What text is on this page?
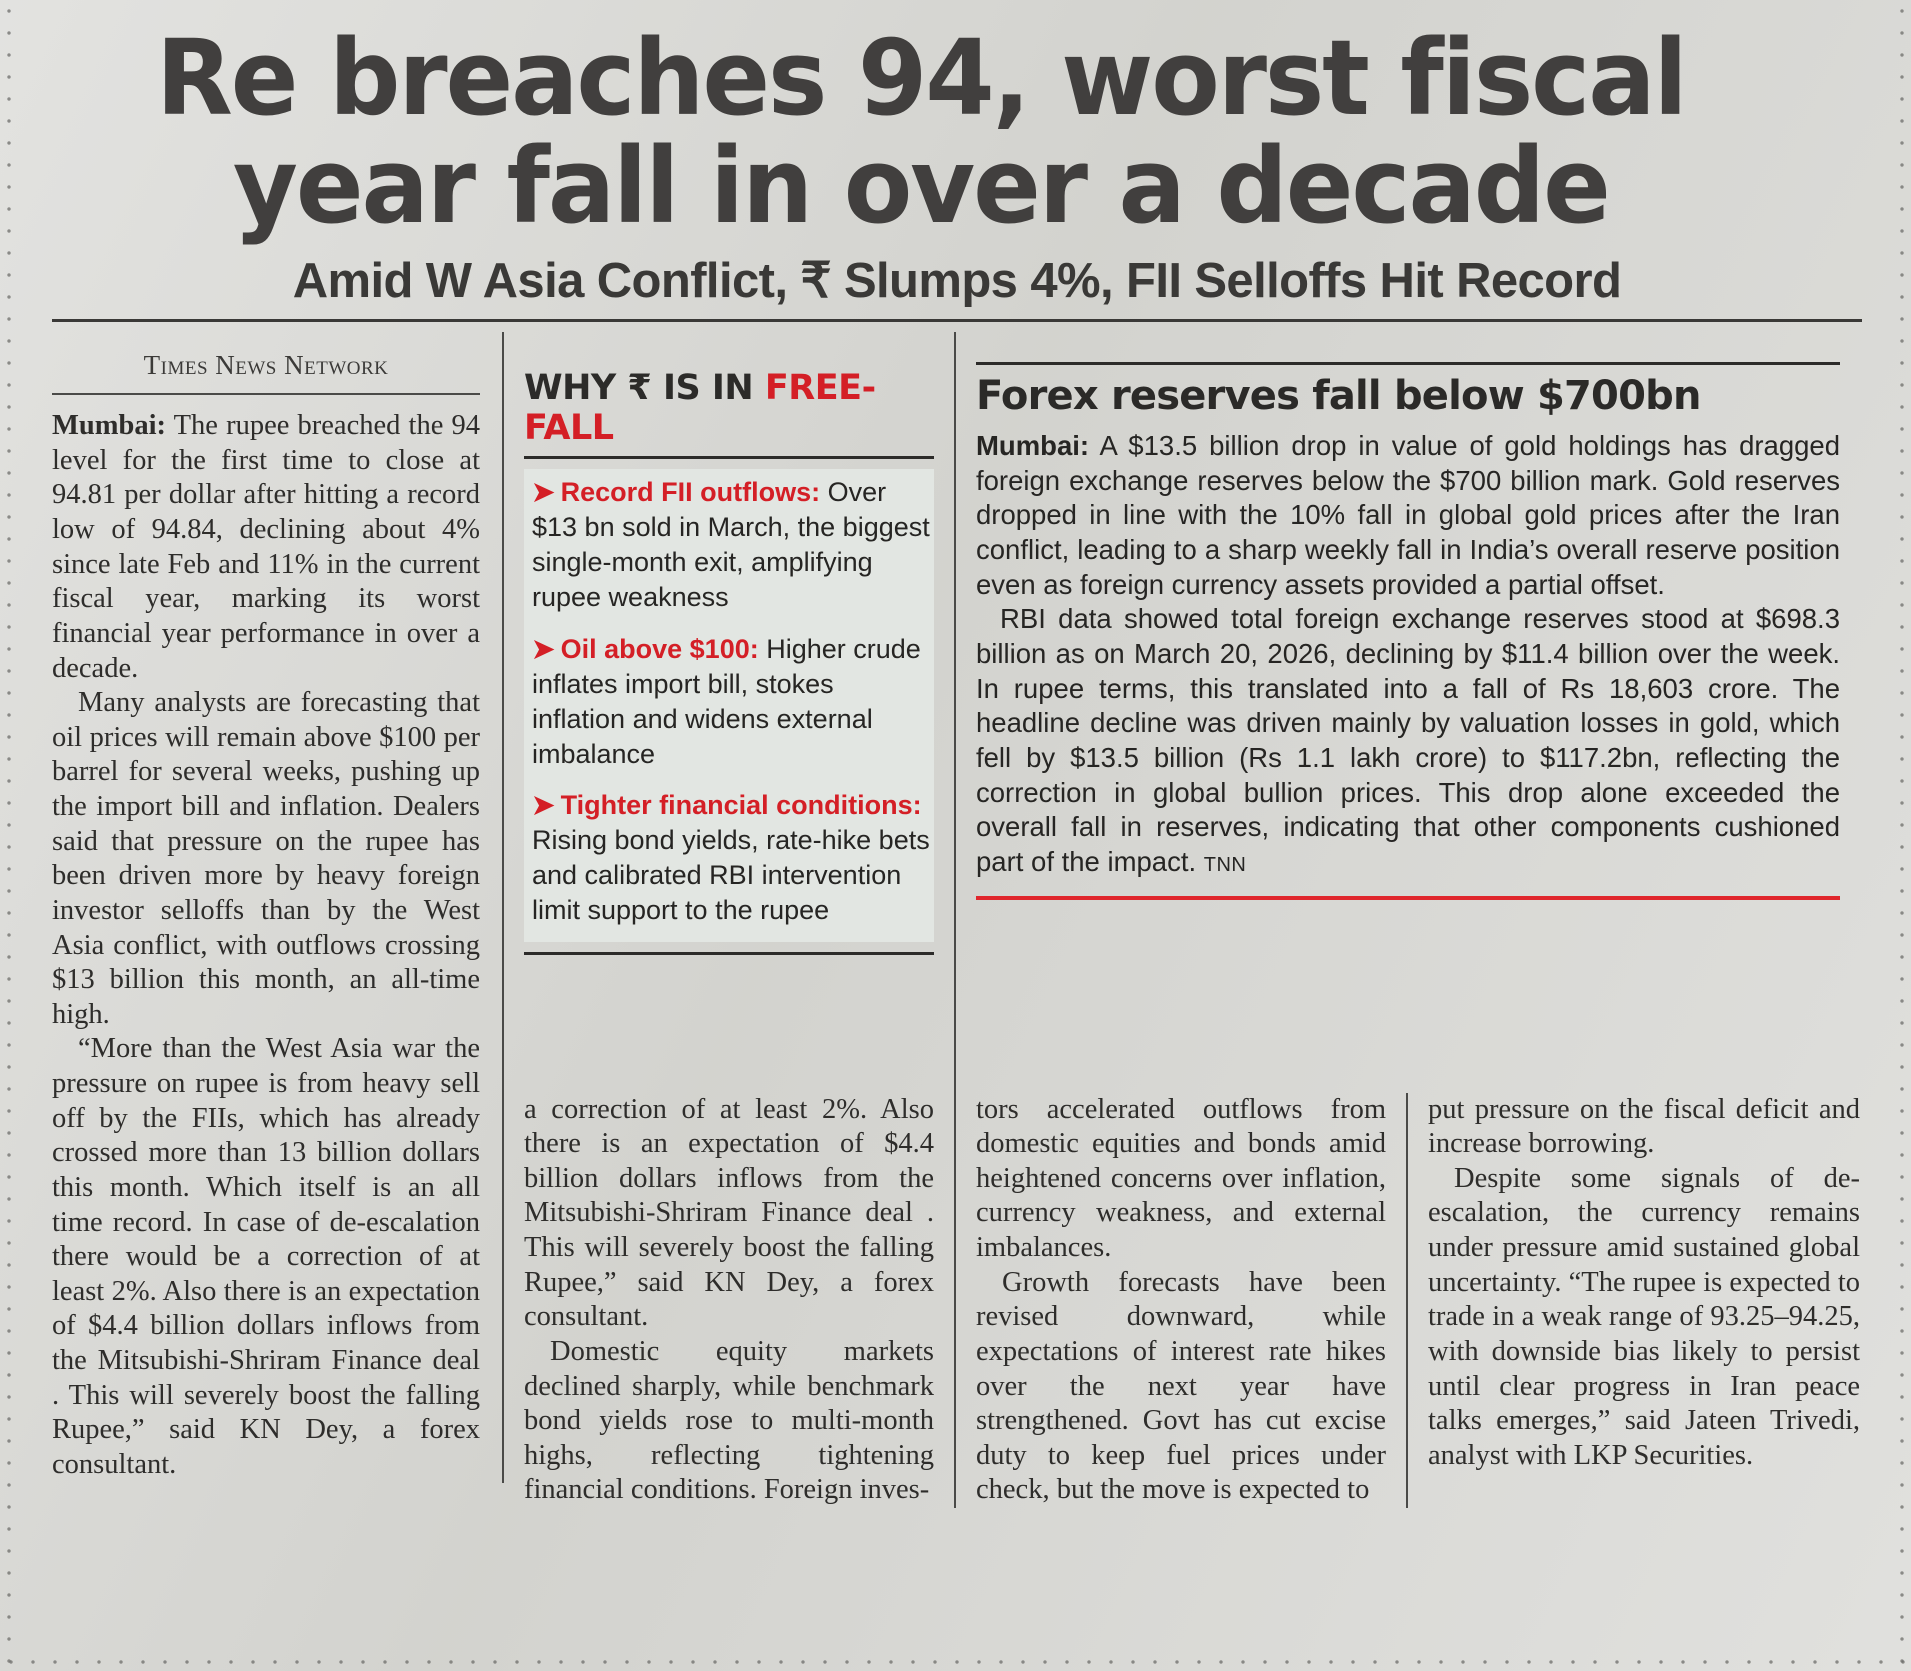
Re breaches 94, worst fiscal year fall in over a decade
Amid W Asia Conflict, ₹ Slumps 4%, FII Selloffs Hit Record
Times News Network

Mumbai: The rupee breached the 94 level for the first time to close at 94.81 per dollar after hitting a record low of 94.84, declining about 4% since late Feb and 11% in the current fiscal year, marking its worst financial year performance in over a decade.

Many analysts are forecasting that oil prices will remain above $100 per barrel for several weeks, pushing up the import bill and inflation. Dealers said that pressure on the rupee has been driven more by heavy foreign investor selloffs than by the West Asia conflict, with outflows crossing $13 billion this month, an all-time high.

“More than the West Asia war the pressure on rupee is from heavy sell off by the FIIs, which has already crossed more than 13 billion dollars this month. Which itself is an all time record. In case of de-escalation there would be a correction of at least 2%. Also there is an expectation of $4.4 billion dollars inflows from the Mitsubishi-Shriram Finance deal . This will severely boost the falling Rupee,” said KN Dey, a forex consultant.

WHY ₹ IS IN FREE-FALL
➤ Record FII outflows: Over $13 bn sold in March, the biggest single-month exit, amplifying rupee weakness
➤ Oil above $100: Higher crude inflates import bill, stokes inflation and widens external imbalance
➤ Tighter financial conditions: Rising bond yields, rate-hike bets and calibrated RBI intervention limit support to the rupee
Forex reserves fall below $700bn

Mumbai: A $13.5 billion drop in value of gold holdings has dragged foreign exchange reserves below the $700 billion mark. Gold reserves dropped in line with the 10% fall in global gold prices after the Iran conflict, leading to a sharp weekly fall in India’s overall reserve position even as foreign currency assets provided a partial offset.

RBI data showed total foreign exchange reserves stood at $698.3 billion as on March 20, 2026, declining by $11.4 billion over the week. In rupee terms, this translated into a fall of Rs 18,603 crore. The headline decline was driven mainly by valuation losses in gold, which fell by $13.5 billion (Rs 1.1 lakh crore) to $117.2bn, reflecting the correction in global bullion prices. This drop alone exceeded the overall fall in reserves, indicating that other components cushioned part of the impact. TNN

a correction of at least 2%. Also there is an expectation of $4.4 billion dollars inflows from the Mitsubishi-Shriram Finance deal . This will severely boost the falling Rupee,” said KN Dey, a forex consultant.

Domestic equity markets declined sharply, while benchmark bond yields rose to multi-month highs, reflecting tightening financial conditions. Foreign inves-

tors accelerated outflows from domestic equities and bonds amid heightened concerns over inflation, currency weakness, and external imbalances.

Growth forecasts have been revised downward, while expectations of interest rate hikes over the next year have strengthened. Govt has cut excise duty to keep fuel prices under check, but the move is expected to

put pressure on the fiscal deficit and increase borrowing.

Despite some signals of de-escalation, the currency remains under pressure amid sustained global uncertainty. “The rupee is expected to trade in a weak range of 93.25–94.25, with downside bias likely to persist until clear progress in Iran peace talks emerges,” said Jateen Trivedi, analyst with LKP Securities.
